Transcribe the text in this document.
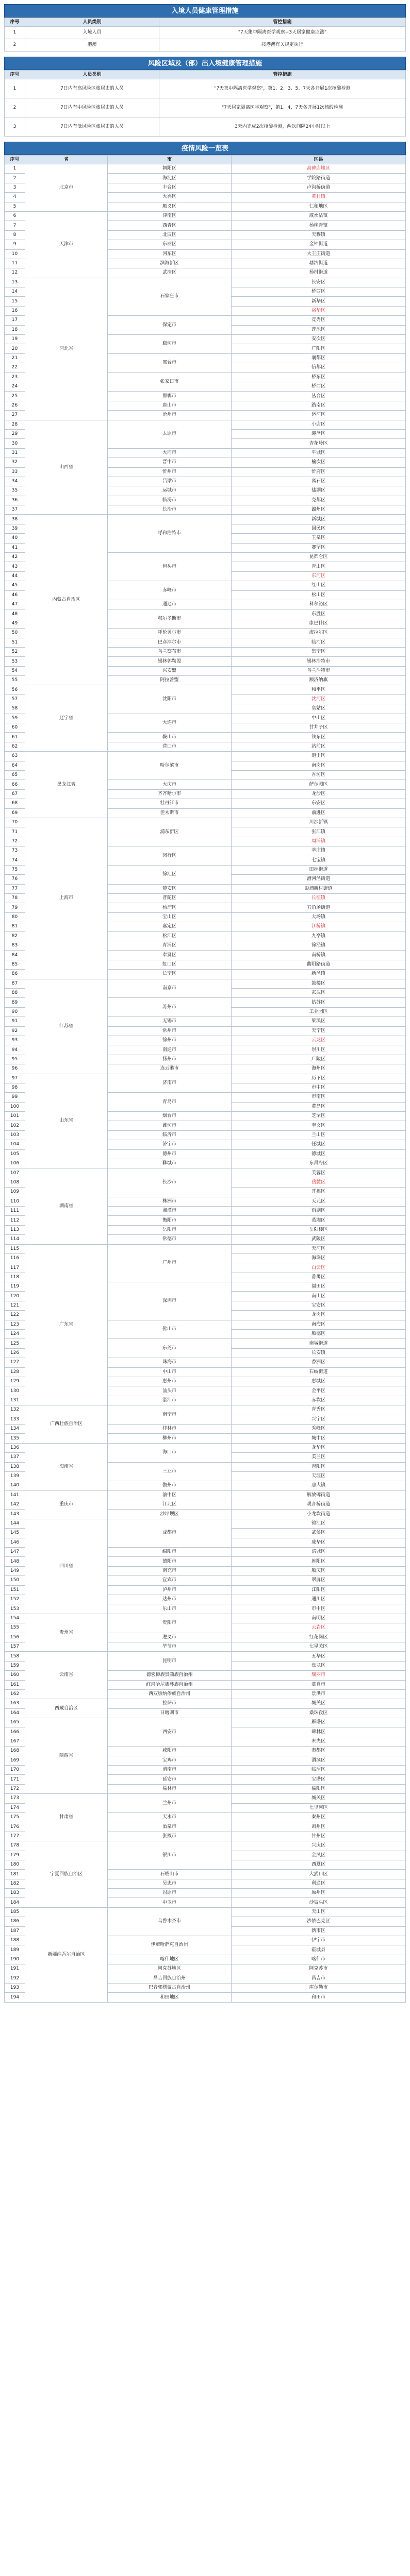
入境人员健康管理措施
序号	人员类别	管控措施
1	入境人员	"7天集中隔离医学观察+3天居家健康监测"
2	港澳	按港澳有关规定执行
风险区域及（部）出入境健康管理措施
序号	人员类别	管控措施
1	7日内有高风险区旅居史的人员	"7天集中隔离医学观察"，第1、2、3、5、7天各开展1次核酸检测
2	7日内有中风险区旅居史的人员	"7天居家隔离医学观察"，第1、4、7天各开展1次核酸检测
3	7日内有低风险区旅居史的人员	3天内完成2次核酸检测，两次间隔24小时以上
疫情风险一览表
序号	省	市	区县
1	北京市	朝阳区	高碑店地区
2		海淀区	学院路街道
3		丰台区	卢沟桥街道
4		大兴区	黄村镇
5		顺义区	仁和地区
6	天津市	津南区	咸水沽镇
7		西青区	杨柳青镇
8		北辰区	天穆镇
9		东丽区	金钟街道
10		河东区	大王庄街道
11		滨海新区	塘沽街道
12		武清区	杨村街道
13	河北省	石家庄市	长安区
14			桥西区
15			新华区
16			裕华区
17		保定市	竞秀区
18			莲池区
19		廊坊市	安次区
20			广阳区
21		邢台市	襄都区
22			信都区
23		张家口市	桥东区
24			桥西区
25		邯郸市	丛台区
26		唐山市	路南区
27		沧州市	运河区
28	山西省	太原市	小店区
29			迎泽区
30			杏花岭区
31		大同市	平城区
32		晋中市	榆次区
33		忻州市	忻府区
34		吕梁市	离石区
35		运城市	盐湖区
36		临汾市	尧都区
37		长治市	潞州区
38	内蒙古自治区	呼和浩特市	新城区
39			回民区
40			玉泉区
41			赛罕区
42		包头市	昆都仑区
43			青山区
44			东河区
45		赤峰市	红山区
46			松山区
47		通辽市	科尔沁区
48		鄂尔多斯市	东胜区
49			康巴什区
50		呼伦贝尔市	海拉尔区
51		巴彦淖尔市	临河区
52		乌兰察布市	集宁区
53		锡林郭勒盟	锡林浩特市
54		兴安盟	乌兰浩特市
55		阿拉善盟	额济纳旗
56	辽宁省	沈阳市	和平区
57			沈河区
58			皇姑区
59		大连市	中山区
60			甘井子区
61		鞍山市	铁东区
62		营口市	站前区
63	黑龙江省	哈尔滨市	道里区
64			南岗区
65			香坊区
66		大庆市	萨尔图区
67		齐齐哈尔市	龙沙区
68		牡丹江市	东安区
69		佳木斯市	前进区
70	上海市	浦东新区	川沙新镇
71			张江镇
72			周浦镇
73		闵行区	莘庄镇
74			七宝镇
75		徐汇区	田林街道
76			漕河泾街道
77		静安区	彭浦新村街道
78		普陀区	长征镇
79		杨浦区	五角场街道
80		宝山区	大场镇
81		嘉定区	江桥镇
82		松江区	九亭镇
83		青浦区	徐泾镇
84		奉贤区	南桥镇
85		虹口区	曲阳路街道
86		长宁区	新泾镇
87	江苏省	南京市	鼓楼区
88			玄武区
89		苏州市	姑苏区
90			工业园区
91		无锡市	梁溪区
92		常州市	天宁区
93		徐州市	云龙区
94		南通市	崇川区
95		扬州市	广陵区
96		连云港市	海州区
97	山东省	济南市	历下区
98			市中区
99		青岛市	市南区
100			黄岛区
101		烟台市	芝罘区
102		潍坊市	奎文区
103		临沂市	兰山区
104		济宁市	任城区
105		德州市	德城区
106		聊城市	东昌府区
107	湖南省	长沙市	芙蓉区
108			岳麓区
109			开福区
110		株洲市	天元区
111		湘潭市	雨湖区
112		衡阳市	蒸湘区
113		岳阳市	岳阳楼区
114		常德市	武陵区
115	广东省	广州市	天河区
116			海珠区
117			白云区
118			番禺区
119		深圳市	福田区
120			南山区
121			宝安区
122			龙岗区
123		佛山市	南海区
124			顺德区
125		东莞市	南城街道
126			长安镇
127		珠海市	香洲区
128		中山市	石岐街道
129		惠州市	惠城区
130		汕头市	金平区
131		湛江市	赤坎区
132	广西壮族自治区	南宁市	青秀区
133			兴宁区
134		桂林市	秀峰区
135		柳州市	城中区
136	海南省	海口市	龙华区
137			美兰区
138		三亚市	吉阳区
139			天涯区
140		儋州市	那大镇
141	重庆市	渝中区	解放碑街道
142		江北区	观音桥街道
143		沙坪坝区	小龙坎街道
144	四川省	成都市	锦江区
145			武侯区
146			成华区
147		绵阳市	涪城区
148		德阳市	旌阳区
149		南充市	顺庆区
150		宜宾市	翠屏区
151		泸州市	江阳区
152		达州市	通川区
153		乐山市	市中区
154	贵州省	贵阳市	南明区
155			云岩区
156		遵义市	红花岗区
157		毕节市	七星关区
158	云南省	昆明市	五华区
159			盘龙区
160		德宏傣族景颇族自治州	瑞丽市
161		红河哈尼族彝族自治州	蒙自市
162		西双版纳傣族自治州	景洪市
163	西藏自治区	拉萨市	城关区
164		日喀则市	桑珠孜区
165	陕西省	西安市	雁塔区
166			碑林区
167			未央区
168		咸阳市	秦都区
169		宝鸡市	渭滨区
170		渭南市	临渭区
171		延安市	宝塔区
172		榆林市	榆阳区
173	甘肃省	兰州市	城关区
174			七里河区
175		天水市	秦州区
176		酒泉市	肃州区
177		张掖市	甘州区
178	宁夏回族自治区	银川市	兴庆区
179			金凤区
180			西夏区
181		石嘴山市	大武口区
182		吴忠市	利通区
183		固原市	原州区
184		中卫市	沙坡头区
185	新疆维吾尔自治区	乌鲁木齐市	天山区
186			沙依巴克区
187			新市区
188		伊犁哈萨克自治州	伊宁市
189			霍城县
190		喀什地区	喀什市
191		阿克苏地区	阿克苏市
192		昌吉回族自治州	昌吉市
193		巴音郭楞蒙古自治州	库尔勒市
194		和田地区	和田市
